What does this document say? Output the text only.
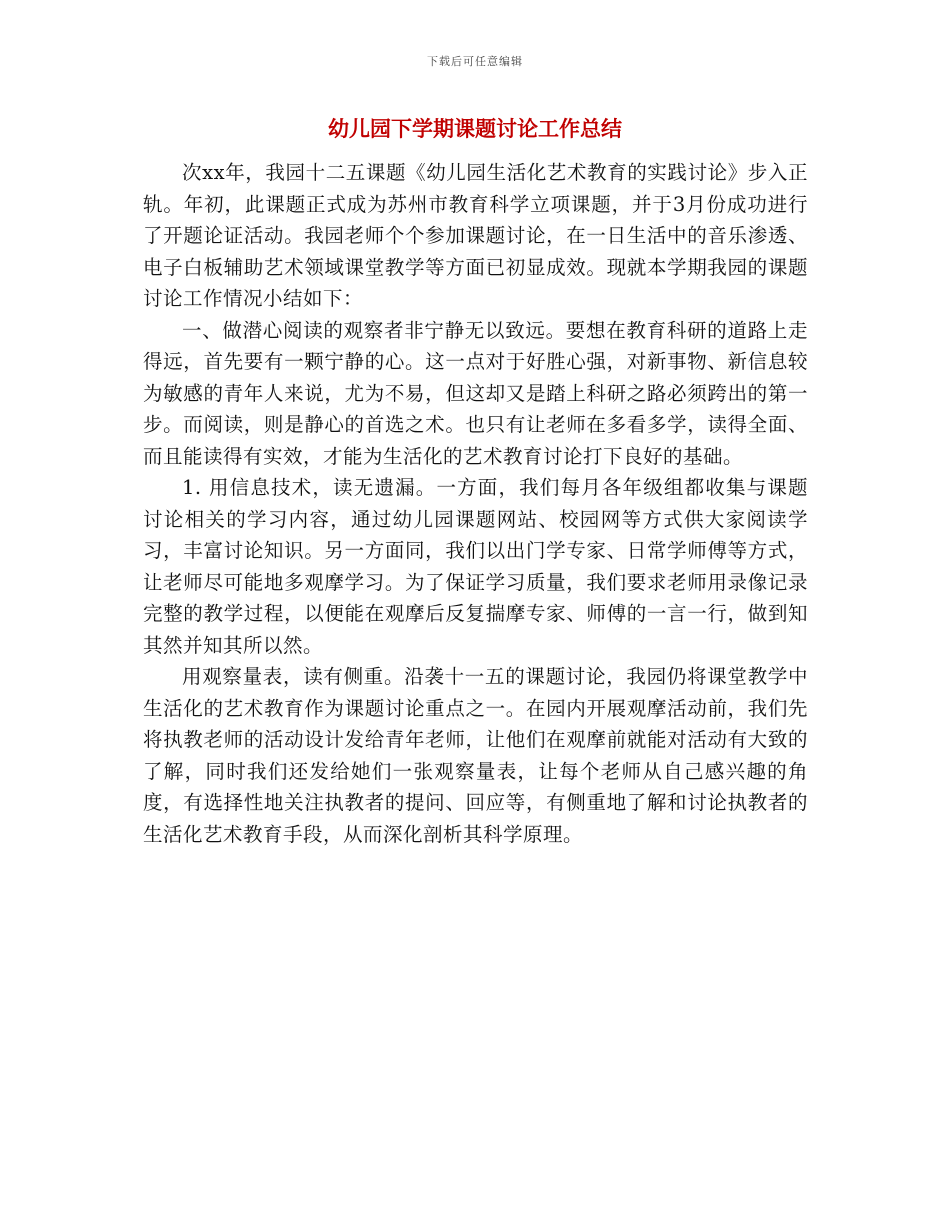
下载后可任意编辑
幼儿园下学期课题讨论工作总结

次xx年，我园十二五课题《幼儿园生活化艺术教育的实践讨论》步入正轨。年初，此课题正式成为苏州市教育科学立项课题，并于3月份成功进行了开题论证活动。我园老师个个参加课题讨论，在一日生活中的音乐渗透、电子白板辅助艺术领域课堂教学等方面已初显成效。现就本学期我园的课题讨论工作情况小结如下：

一、做潜心阅读的观察者非宁静无以致远。要想在教育科研的道路上走得远，首先要有一颗宁静的心。这一点对于好胜心强，对新事物、新信息较为敏感的青年人来说，尤为不易，但这却又是踏上科研之路必须跨出的第一步。而阅读，则是静心的首选之术。也只有让老师在多看多学，读得全面、而且能读得有实效，才能为生活化的艺术教育讨论打下良好的基础。

1. 用信息技术，读无遗漏。一方面，我们每月各年级组都收集与课题讨论相关的学习内容，通过幼儿园课题网站、校园网等方式供大家阅读学习，丰富讨论知识。另一方面同，我们以出门学专家、日常学师傅等方式，让老师尽可能地多观摩学习。为了保证学习质量，我们要求老师用录像记录完整的教学过程，以便能在观摩后反复揣摩专家、师傅的一言一行，做到知其然并知其所以然。

用观察量表，读有侧重。沿袭十一五的课题讨论，我园仍将课堂教学中生活化的艺术教育作为课题讨论重点之一。在园内开展观摩活动前，我们先将执教老师的活动设计发给青年老师，让他们在观摩前就能对活动有大致的了解，同时我们还发给她们一张观察量表，让每个老师从自己感兴趣的角度，有选择性地关注执教者的提问、回应等，有侧重地了解和讨论执教者的生活化艺术教育手段，从而深化剖析其科学原理。
